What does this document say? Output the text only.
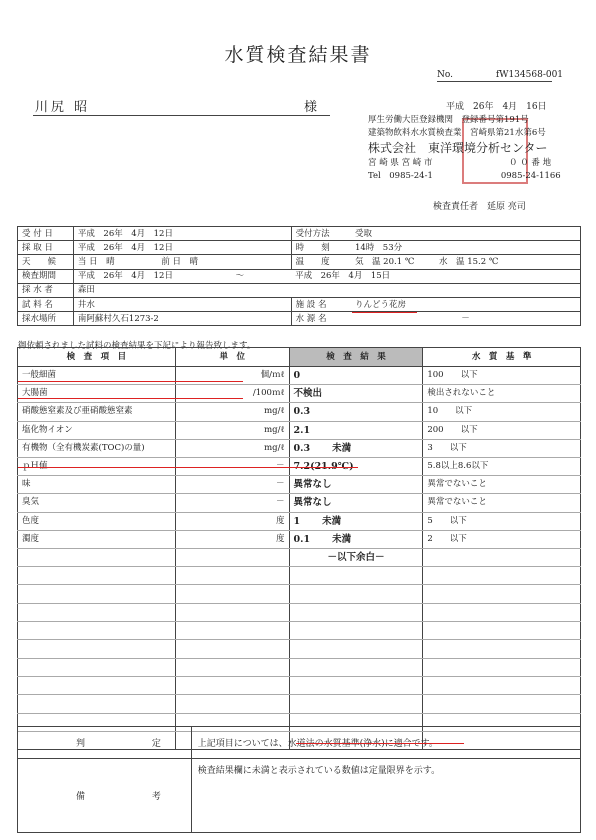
水質検査結果書
No.	fW134568-001
川尻 昭	様	平成　26年　4月　16日
厚生労働大臣登録機関　登録番号第191号
建築物飲料水水質検査業　宮崎県第21水第6号
株式会社　東洋環境分析センター
宮 崎 県 宮 崎 市　　　　　　　　　０ ０ 番 地
Tel　0985-24-1　　　　　　　　0985-24-1166
検査責任者　延原 亮司
受 付 日	平成　26年　4月　12日	受付方法	受取
採 取 日	平成　26年　4月　12日	時　　刻	14時　53分
天　　候	当 日　晴 前 日　晴	温　　度	気　温 20.1 ℃ 水　温 15.2 ℃
検査期間	平成　26年　4月　12日 ～	平成　26年　4月　15日	
採 水 者	森田		
試 料 名	井水	施 設 名	りんどう花房
採水場所	南阿蘇村久石1273-2	水 源 名	－
御依頼されました試料の検査結果を下記により報告致します。
検　査　項　目	単　位	検　査　結　果	水　質　基　準
一般細菌	個/ｍℓ	0	100　　以下
大腸菌	/100ｍℓ	不検出	検出されないこと
硝酸態窒素及び亜硝酸態窒素	mg/ℓ	0.3	10　　以下
塩化物イオン	mg/ℓ	2.1	200　　以下
有機物（全有機炭素(TOC)の量)	mg/ℓ	0.3 未満	3　　以下
ｐＨ値	－	7.2(21.9℃)	5.8以上8.6以下
味	－	異常なし	異常でないこと
臭気	－	異常なし	異常でないこと
色度	度	1 未満	5　　以下
濁度	度	0.1 未満	2　　以下
		－以下余白－	

判 定	上記項目については、水道法の水質基準(浄水)に適合です。
備 考	検査結果欄に未満と表示されている数値は定量限界を示す。
